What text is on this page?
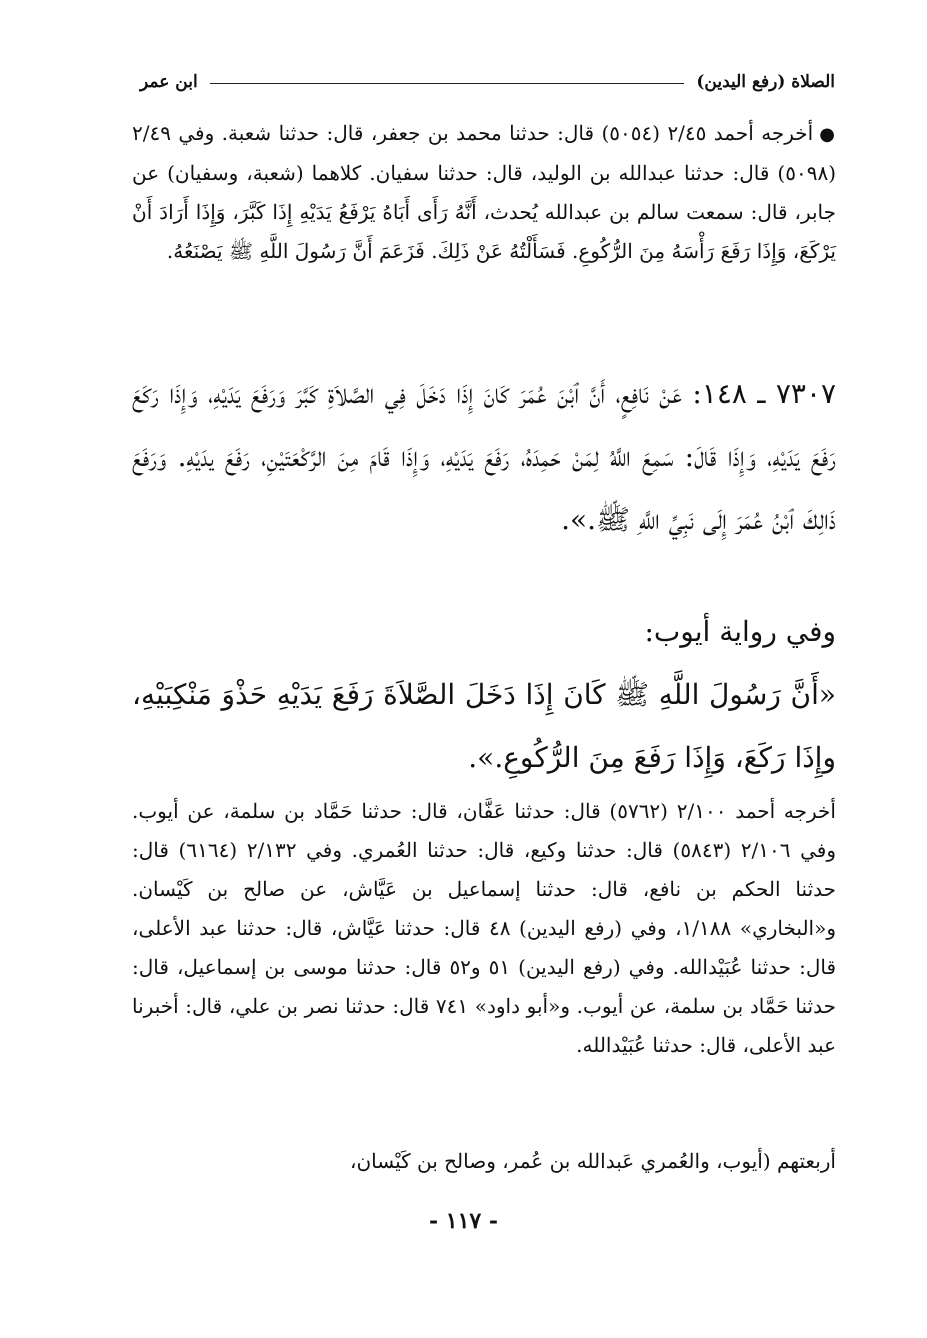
الصلاة (رفع اليدين)
ابن عمر

●أخرجه أحمد ٢/٤٥ (٥٠٥٤) قال: حدثنا محمد بن جعفر، قال: حدثنا شعبة. وفي ٢/٤٩ (٥٠٩٨) قال: حدثنا عبدالله بن الوليد، قال: حدثنا سفيان. كلاهما (شعبة، وسفيان) عن جابر، قال: سمعت سالم بن عبدالله يُحدث، أَنَّهُ رَأَى أَبَاهُ يَرْفَعُ يَدَيْهِ إِذَا كَبَّرَ، وَإِذَا أَرَادَ أَنْ يَرْكَعَ، وَإِذَا رَفَعَ رَأْسَهُ مِنَ الرُّكُوعِ. فَسَأَلْتُهُ عَنْ ذَلِكَ. فَزَعَمَ أَنَّ رَسُولَ اللَّهِ ﷺ يَصْنَعُهُ.

٧٣٠٧ ـ ١٤٨: عَنْ نَافِعٍ، أَنَّ ٱبْنَ عُمَرَ كَانَ إِذَا دَخَلَ فِي الصَّلاَةِ كَبَّرَ وَرَفَعَ يَدَيْهِ، وَإِذَا رَكَعَ رَفَعَ يَدَيْهِ، وَإِذَا قَالَ: سَمِعَ اللَّهُ لِمَنْ حَمِدَهُ، رَفَعَ يَدَيْهِ، وَإِذَا قَامَ مِنَ الرَّكْعَتَيْنِ، رَفَعَ يدَيْهِ. وَرَفَعَ ذَالِكَ ٱبْنُ عُمَرَ إِلَى نَبِيِّ اللَّهِ ﷺ.».

وفي رواية أيوب:

«أَنَّ رَسُولَ اللَّهِ ﷺ كَانَ إِذَا دَخَلَ الصَّلاَةَ رَفَعَ يَدَيْهِ حَذْوَ مَنْكِبَيْهِ، وإِذَا رَكَعَ، وَإِذَا رَفَعَ مِنَ الرُّكُوعِ.».

أخرجه أحمد ٢/١٠٠ (٥٧٦٢) قال: حدثنا عَفَّان، قال: حدثنا حَمَّاد بن سلمة، عن أيوب. وفي ٢/١٠٦ (٥٨٤٣) قال: حدثنا وكيع، قال: حدثنا العُمري. وفي ٢/١٣٢ (٦١٦٤) قال: حدثنا الحكم بن نافع، قال: حدثنا إسماعيل بن عَيَّاش، عن صالح بن كَيْسان. و«البخاري» ١/١٨٨، وفي (رفع اليدين) ٤٨ قال: حدثنا عَيَّاش، قال: حدثنا عبد الأعلى، قال: حدثنا عُبَيْدالله. وفي (رفع اليدين) ٥١ و٥٢ قال: حدثنا موسى بن إسماعيل، قال: حدثنا حَمَّاد بن سلمة، عن أيوب. و«أبو داود» ٧٤١ قال: حدثنا نصر بن علي، قال: أخبرنا عبد الأعلى، قال: حدثنا عُبَيْدالله.

أربعتهم (أيوب، والعُمري عَبدالله بن عُمر، وصالح بن كَيْسان،

- ١١٧ -
